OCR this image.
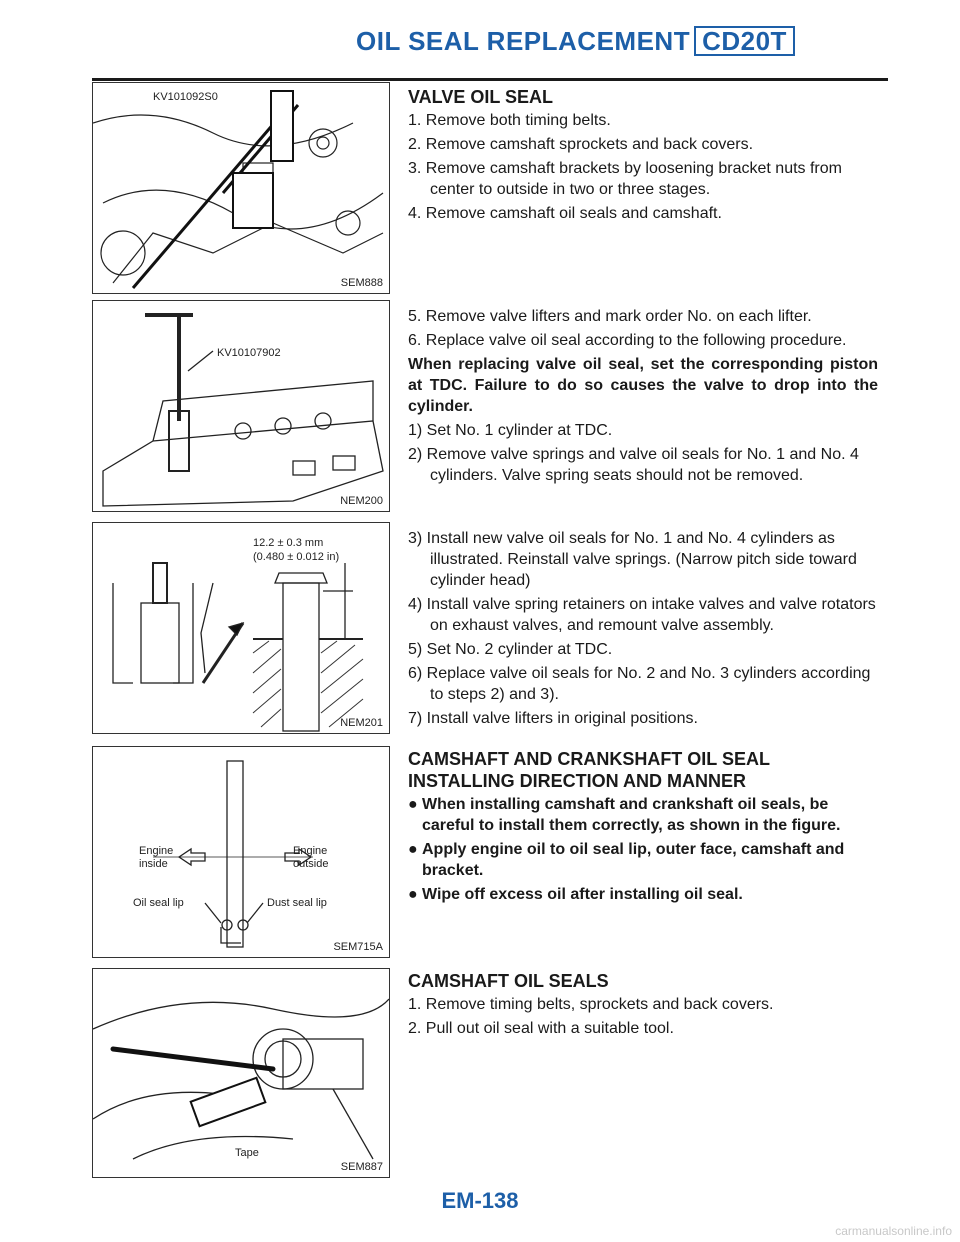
OIL SEAL REPLACEMENT CD20T
KV101092S0
SEM888
KV10107902
NEM200
12.2 ± 0.3 mm
(0.480 ± 0.012 in)
NEM201
Engine
inside
Engine
outside
Oil seal lip	Dust seal lip
SEM715A
Tape
SEM887
VALVE OIL SEAL

1. Remove both timing belts.

2. Remove camshaft sprockets and back covers.

3. Remove camshaft brackets by loosening bracket nuts from center to outside in two or three stages.

4. Remove camshaft oil seals and camshaft.

5. Remove valve lifters and mark order No. on each lifter.

6. Replace valve oil seal according to the following procedure.

When replacing valve oil seal, set the corresponding piston at TDC. Failure to do so causes the valve to drop into the cylinder.

1) Set No. 1 cylinder at TDC.

2) Remove valve springs and valve oil seals for No. 1 and No. 4 cylinders. Valve spring seats should not be removed.

3) Install new valve oil seals for No. 1 and No. 4 cylinders as illustrated. Reinstall valve springs. (Narrow pitch side toward cylinder head)

4) Install valve spring retainers on intake valves and valve rotators on exhaust valves, and remount valve assembly.

5) Set No. 2 cylinder at TDC.

6) Replace valve oil seals for No. 2 and No. 3 cylinders according to steps 2) and 3).

7) Install valve lifters in original positions.

CAMSHAFT AND CRANKSHAFT OIL SEAL INSTALLING DIRECTION AND MANNER

● When installing camshaft and crankshaft oil seals, be careful to install them correctly, as shown in the figure.

● Apply engine oil to oil seal lip, outer face, camshaft and bracket.

● Wipe off excess oil after installing oil seal.

CAMSHAFT OIL SEALS

1. Remove timing belts, sprockets and back covers.

2. Pull out oil seal with a suitable tool.

EM-138
carmanualsonline.info
